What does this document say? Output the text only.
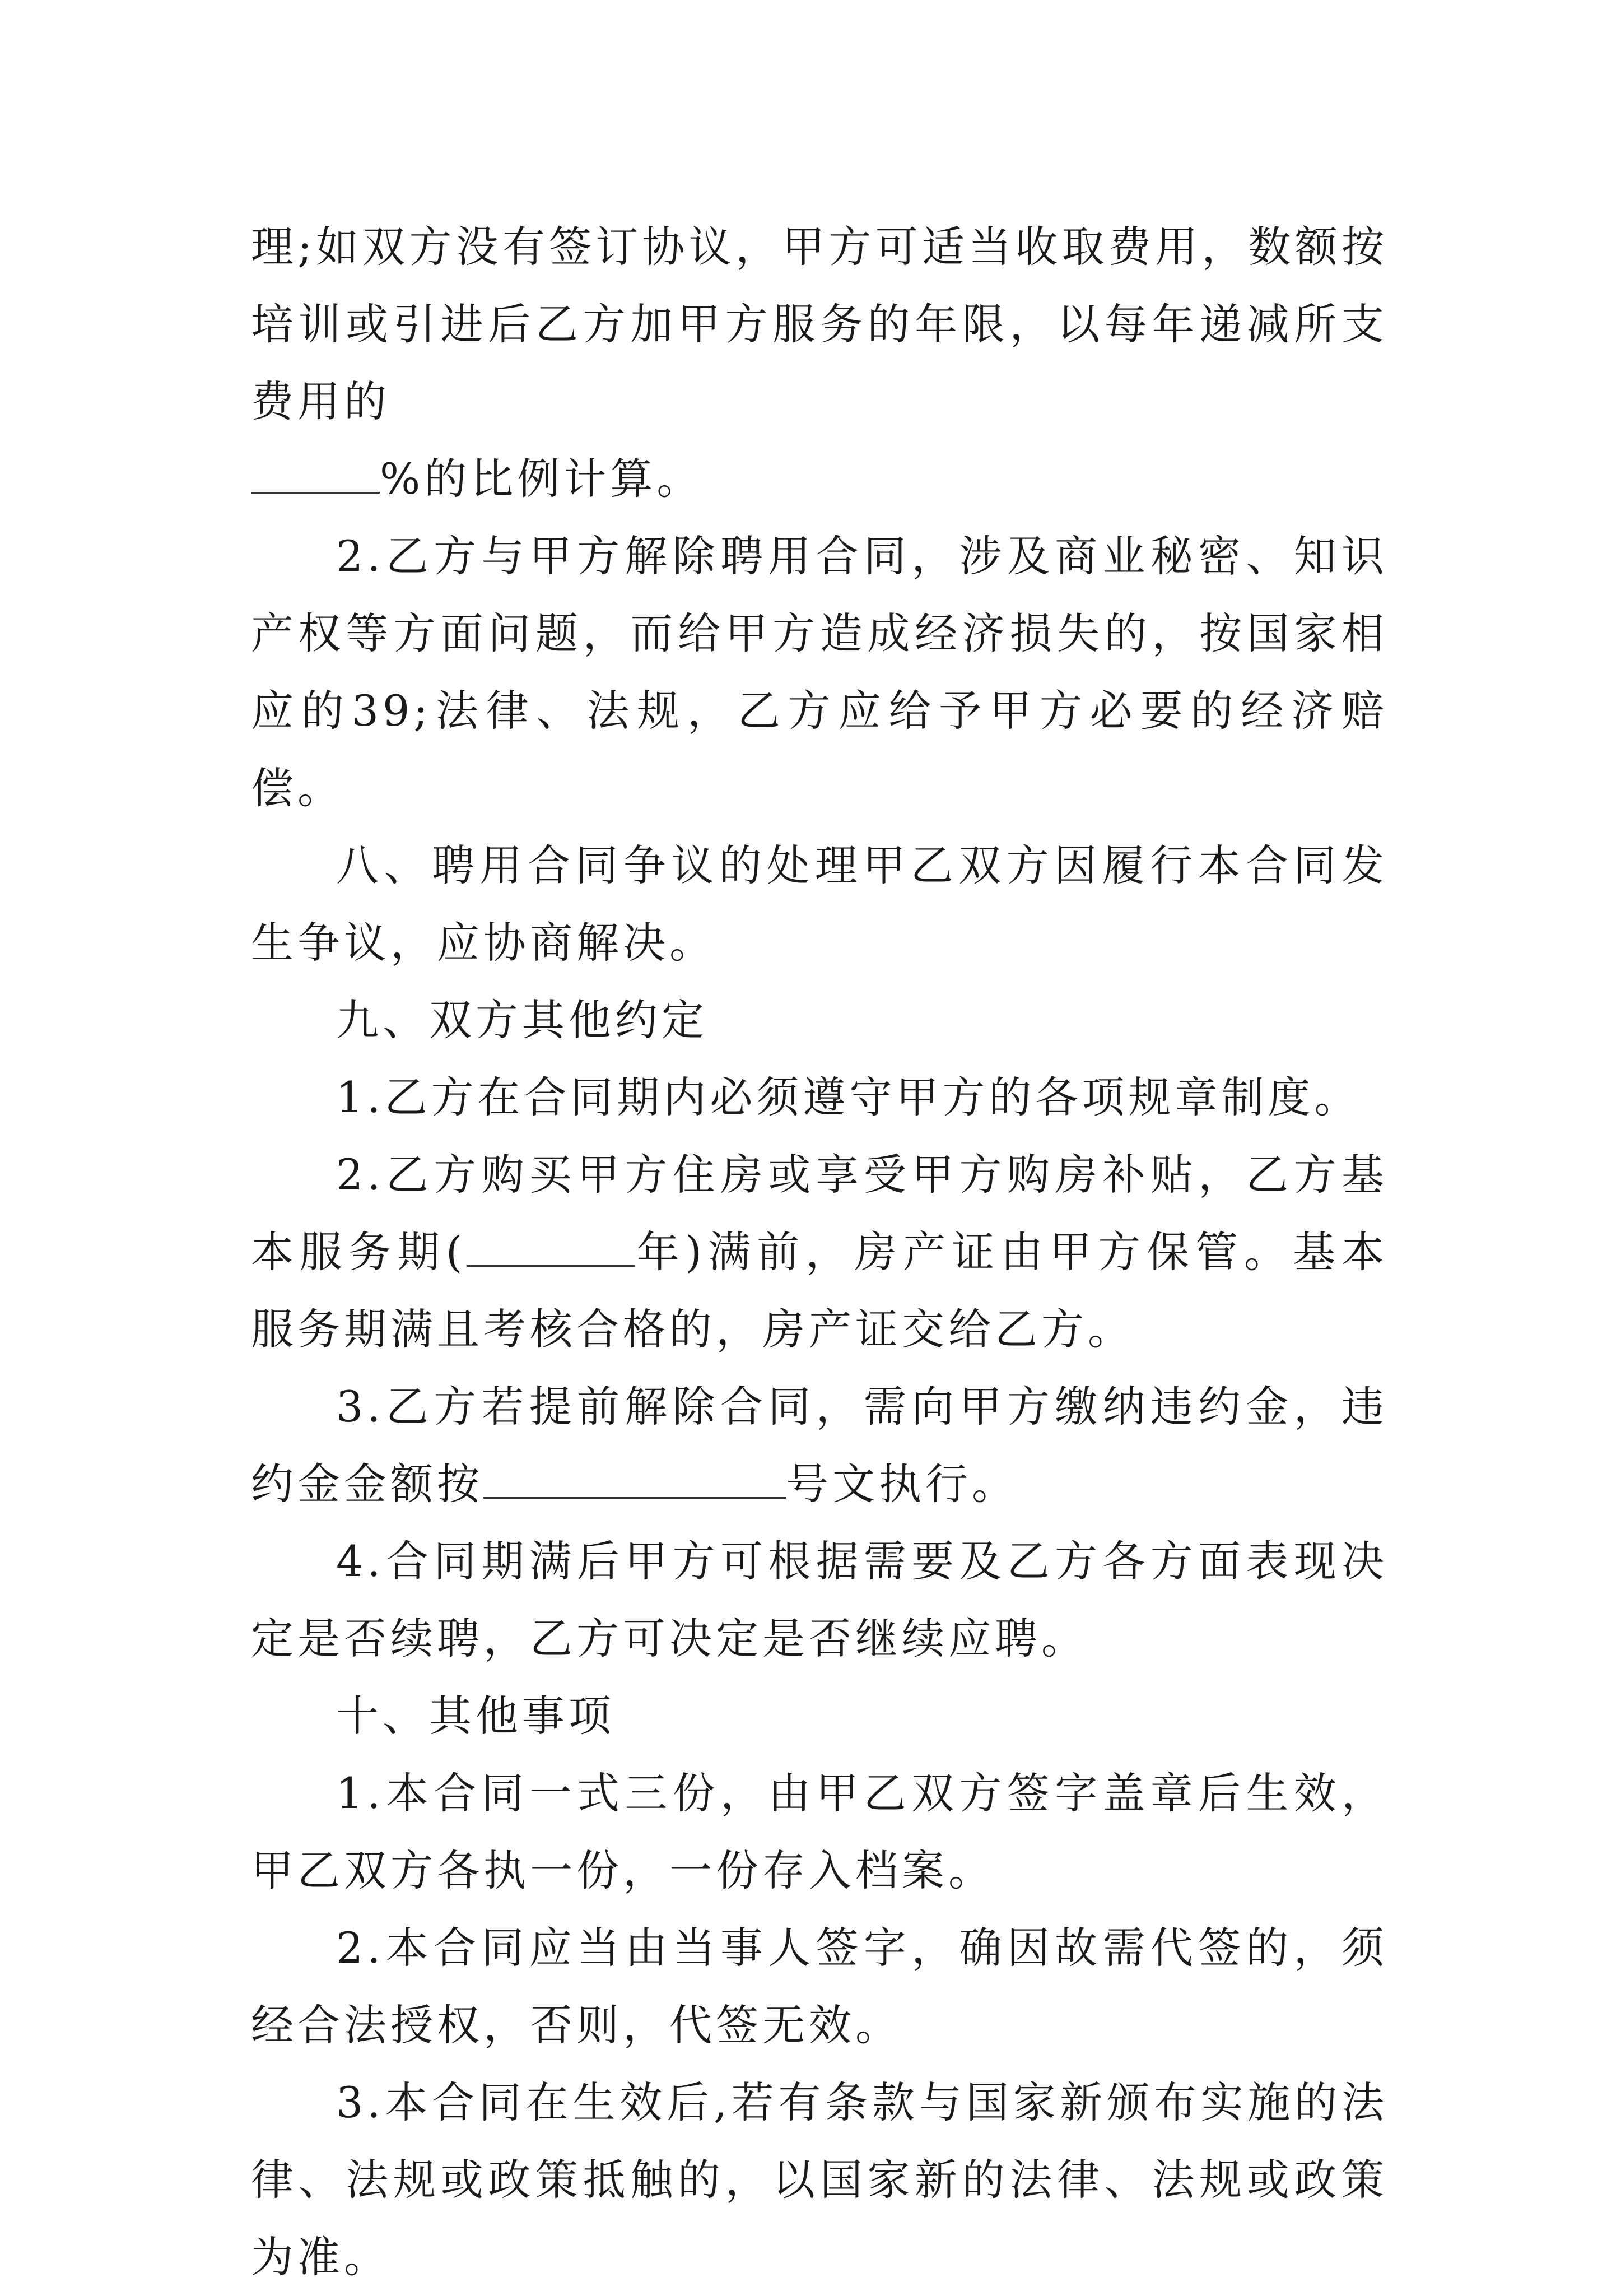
理;如双方没有签订协议，甲方可适当收取费用，数额按培训或引进后乙方加甲方服务的年限，以每年递减所支费用的
%的比例计算。

2.乙方与甲方解除聘用合同，涉及商业秘密、知识产权等方面问题，而给甲方造成经济损失的，按国家相应的39;法律、法规，乙方应给予甲方必要的经济赔偿。

八、聘用合同争议的处理甲乙双方因履行本合同发生争议，应协商解决。

九、双方其他约定

1.乙方在合同期内必须遵守甲方的各项规章制度。

2.乙方购买甲方住房或享受甲方购房补贴，乙方基本服务期(	年)满前，房产证由甲方保管。基本服务期满且考核合格的，房产证交给乙方。

3.乙方若提前解除合同，需向甲方缴纳违约金，违约金金额按	号文执行。

4.合同期满后甲方可根据需要及乙方各方面表现决定是否续聘，乙方可决定是否继续应聘。

十、其他事项

1.本合同一式三份，由甲乙双方签字盖章后生效，甲乙双方各执一份，一份存入档案。

2.本合同应当由当事人签字，确因故需代签的，须经合法授权，否则，代签无效。

3.本合同在生效后,若有条款与国家新颁布实施的法律、法规或政策抵触的，以国家新的法律、法规或政策为准。
